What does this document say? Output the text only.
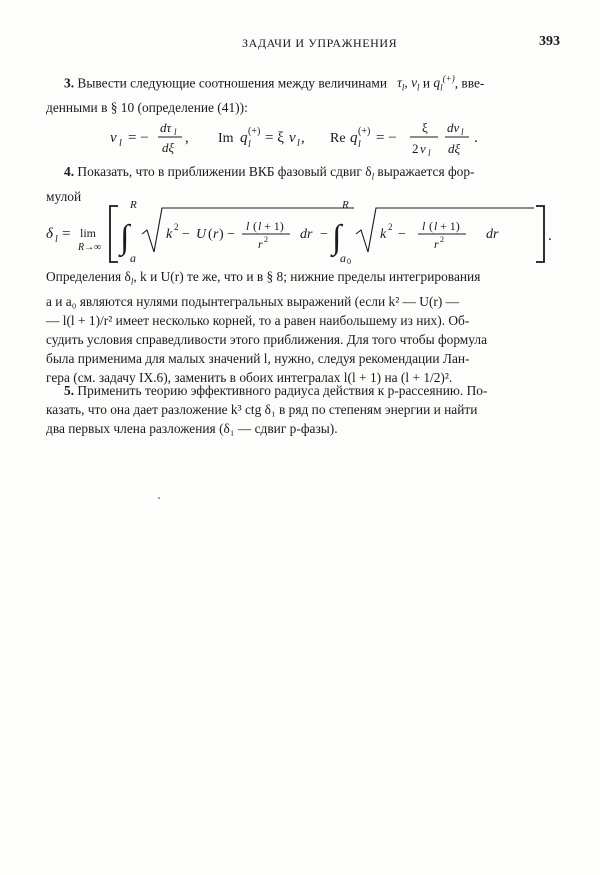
ЗАДАЧИ И УПРАЖНЕНИЯ	393
3. Вывести следующие соотношения между величинами   $\tau_l$, $v_l$ и $q_l^{(+)}$, вве-
денными в § 10 (определение (41)):
v l = −
dτ l
dξ
, Im q l
(+) = ξ v l , Re q l
(+) = −
ξ
2 v l
dv l
dξ
.
4. Показать, что в приближении ВКБ фазовый сдвиг $\delta_l$ выражается фор-
мулой
δ l = lim
R→∞
R
∫
a
k 2 − U ( r ) −
l ( l + 1)
r 2 dr −
R
∫
a 0
k 2 −
l ( l + 1)
r 2	dr	.
Определения $\delta_l$, k и U(r) те же, что и в § 8; нижние пределы интегрирования
a и a₀ являются нулями подынтегральных выражений (если k² — U(r) —
— l(l + 1)/r² имеет несколько корней, то a равен наибольшему из них). Об-
судить условия справедливости этого приближения. Для того чтобы формула
была применима для малых значений l, нужно, следуя рекомендации Лан-
гера (см. задачу IX.6), заменить в обоих интегралах l(l + 1) на (l + 1/2)².
5. Применить теорию эффективного радиуса действия к p-рассеянию. По-
казать, что она дает разложение k³ ctg δ₁ в ряд по степеням энергии и найти
два первых члена разложения (δ₁ — сдвиг p-фазы).
